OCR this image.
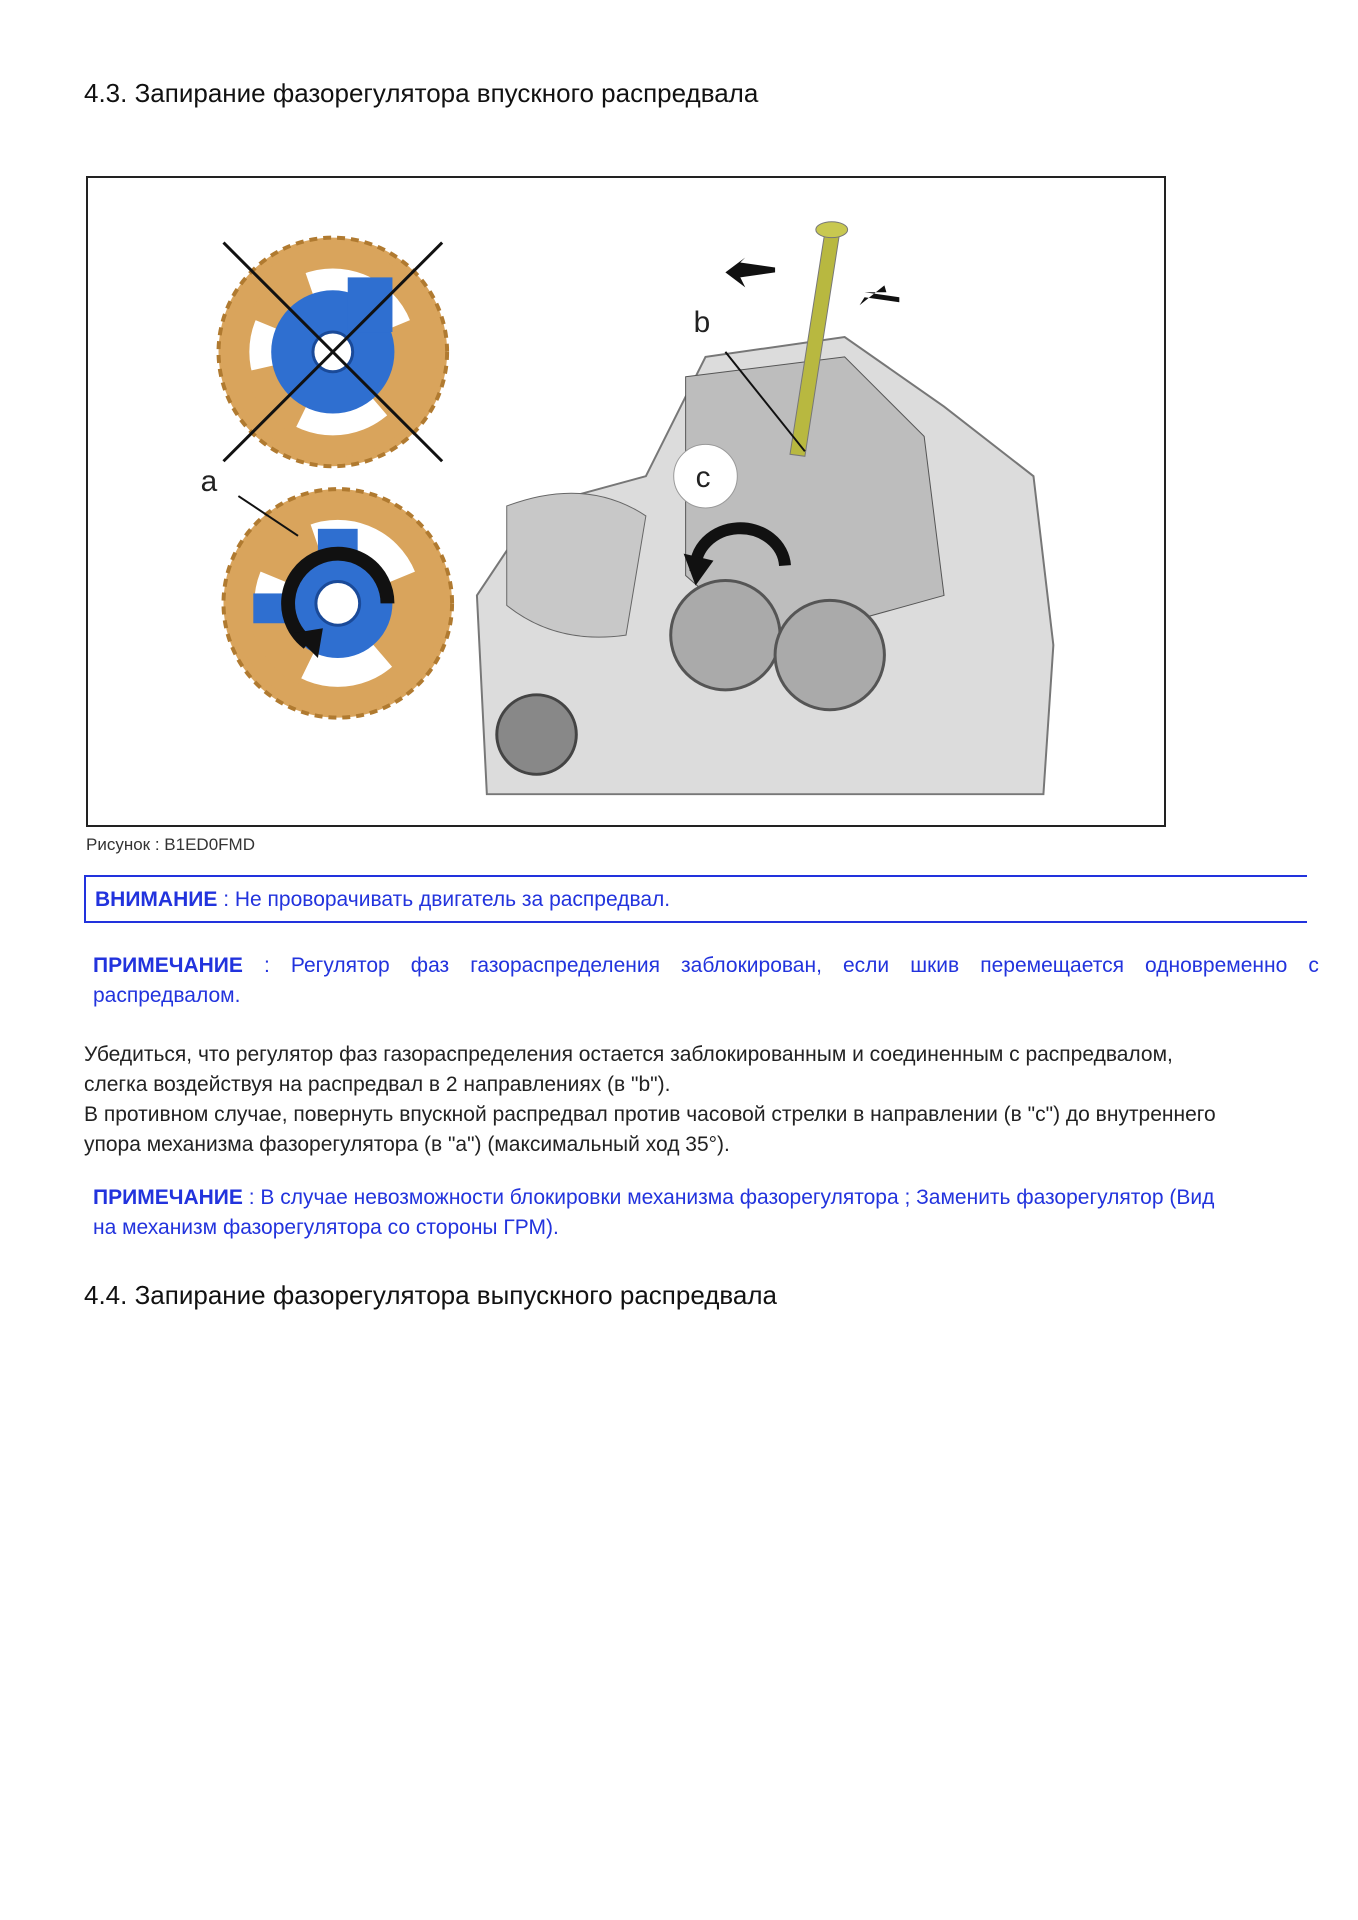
4.3. Запирание фазорегулятора впускного распредвала
a
b
c
Рисунок : B1ED0FMD
ВНИМАНИЕ : Не проворачивать двигатель за распредвал.
ПРИМЕЧАНИЕ : Регулятор фаз газораспределения заблокирован, если шкив перемещается одновременно с
распредвалом.
Убедиться, что регулятор фаз газораспределения остается заблокированным и соединенным с распредвалом,
слегка воздействуя на распредвал в 2 направлениях (в "b").
В противном случае, повернуть впускной распредвал против часовой стрелки в направлении (в "c") до внутреннего
упора механизма фазорегулятора (в "a") (максимальный ход 35°).
ПРИМЕЧАНИЕ : В случае невозможности блокировки механизма фазорегулятора ; Заменить фазорегулятор (Вид
на механизм фазорегулятора со стороны ГРМ).
4.4. Запирание фазорегулятора выпускного распредвала
